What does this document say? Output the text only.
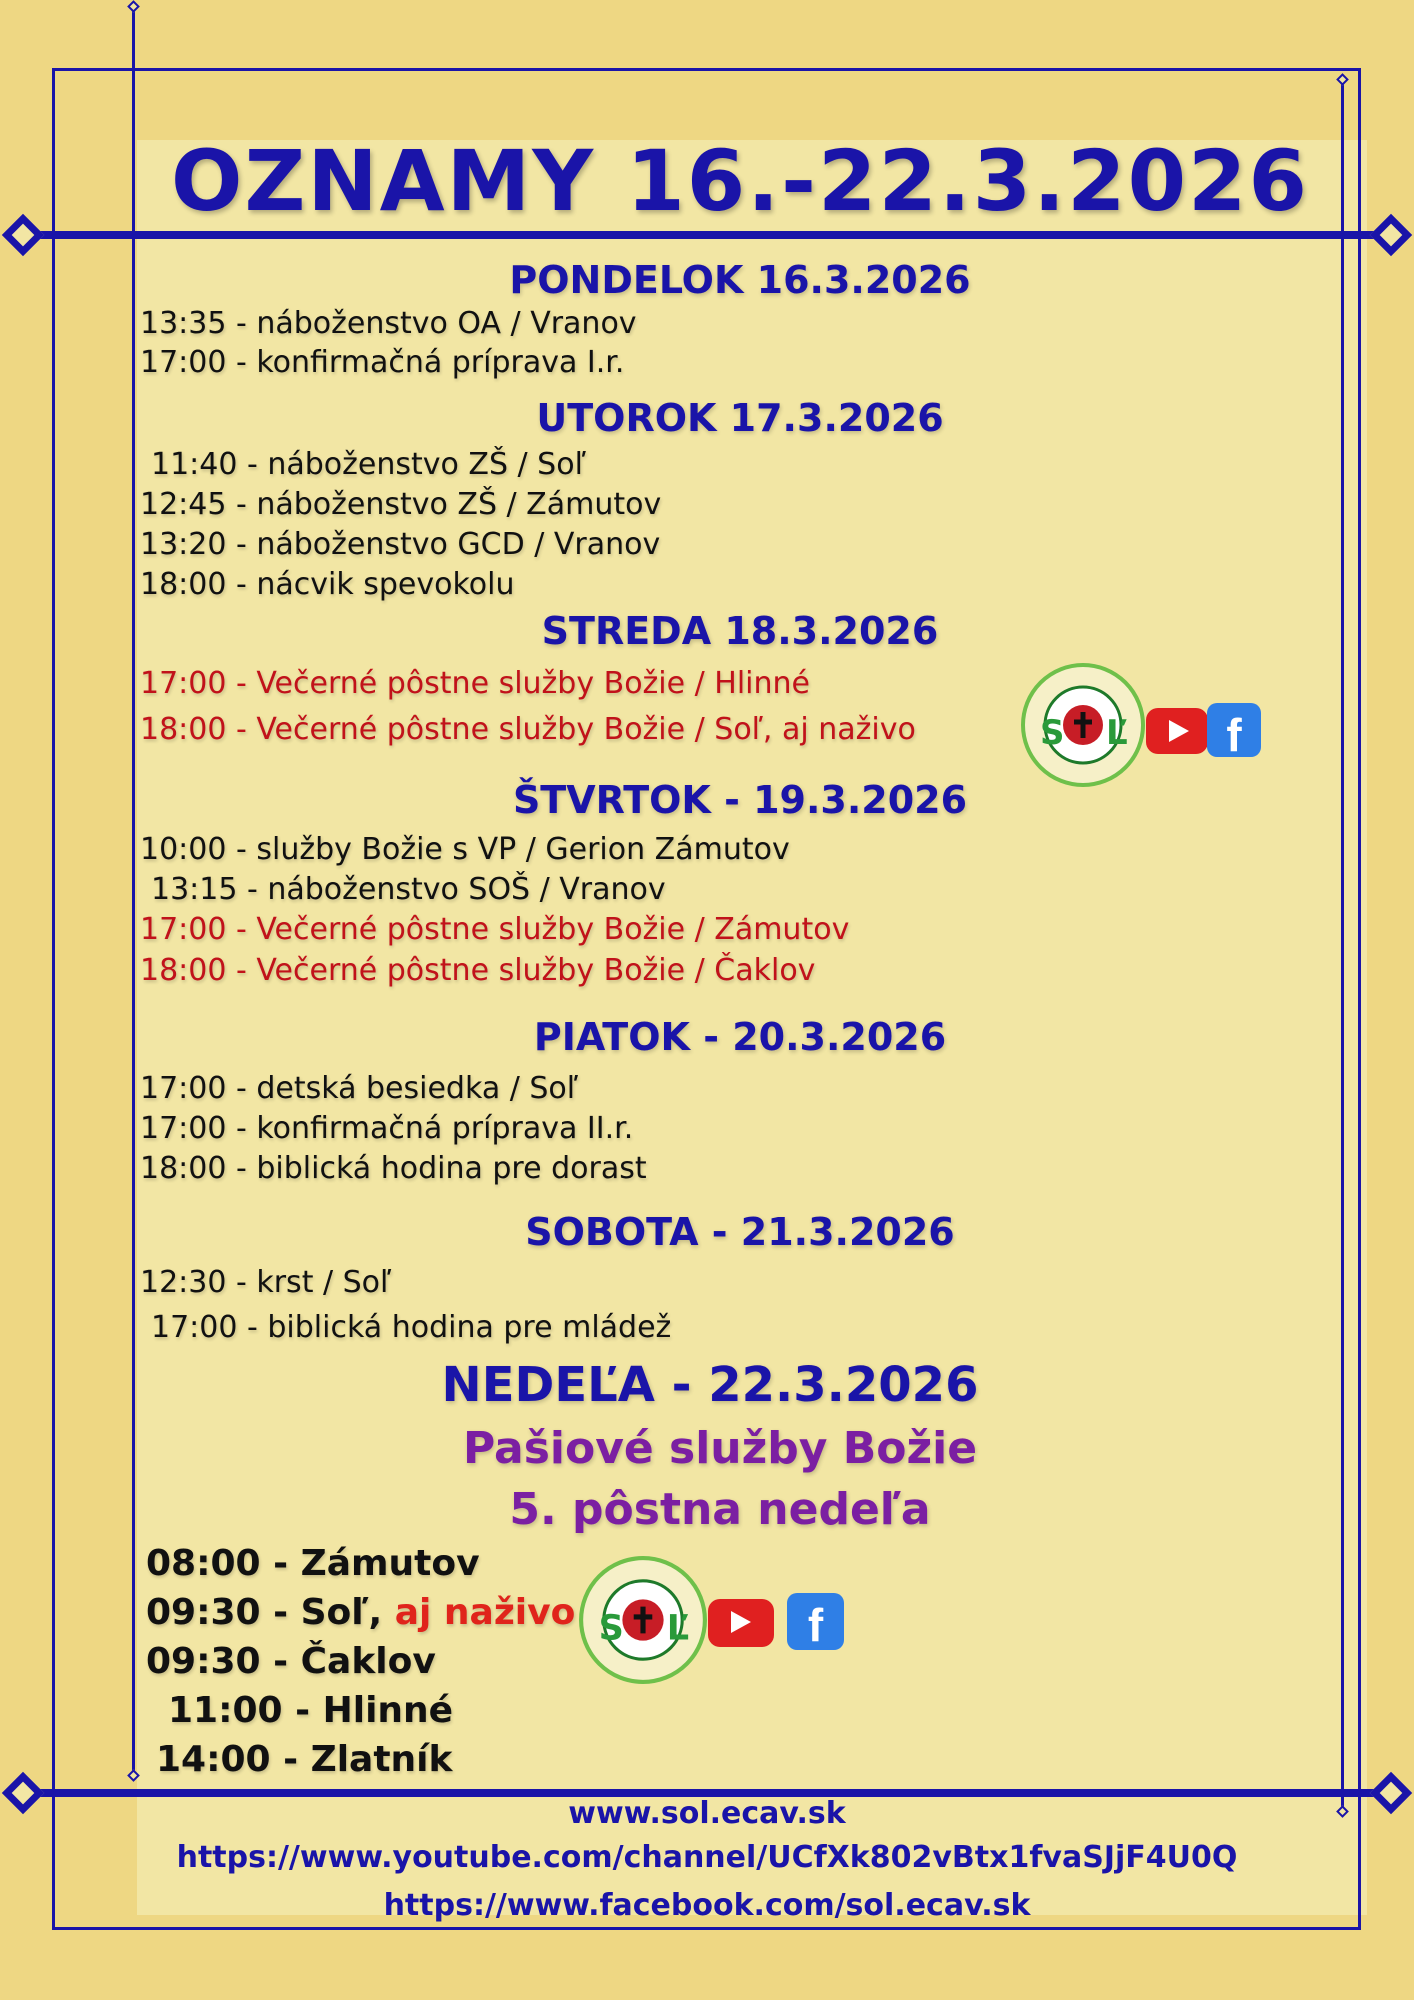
OZNAMY 16.-22.3.2026
PONDELOK 16.3.2026
13:35 - náboženstvo OA / Vranov
17:00 - konfirmačná príprava I.r.
UTOROK 17.3.2026
11:40 - náboženstvo ZŠ / Soľ
12:45 - náboženstvo ZŠ / Zámutov
13:20 - náboženstvo GCD / Vranov
18:00 - nácvik spevokolu
STREDA 18.3.2026
17:00 - Večerné pôstne služby Božie / Hlinné
18:00 - Večerné pôstne služby Božie / Soľ, aj naživo	S Ľ	f
ŠTVRTOK - 19.3.2026
10:00 - služby Božie s VP / Gerion Zámutov
13:15 - náboženstvo SOŠ / Vranov
17:00 - Večerné pôstne služby Božie / Zámutov
18:00 - Večerné pôstne služby Božie / Čaklov
PIATOK - 20.3.2026
17:00 - detská besiedka / Soľ
17:00 - konfirmačná príprava II.r.
18:00 - biblická hodina pre dorast
SOBOTA - 21.3.2026
12:30 - krst / Soľ
17:00 - biblická hodina pre mládež
NEDEĽA - 22.3.2026
Pašiové služby Božie
5. pôstna nedeľa
08:00 - Zámutov
09:30 - Soľ, aj naživo
09:30 - Čaklov
11:00 - Hlinné
14:00 - Zlatník
S Ľ	f
www.sol.ecav.sk
https://www.youtube.com/channel/UCfXk802vBtx1fvaSJjF4U0Q
https://www.facebook.com/sol.ecav.sk
